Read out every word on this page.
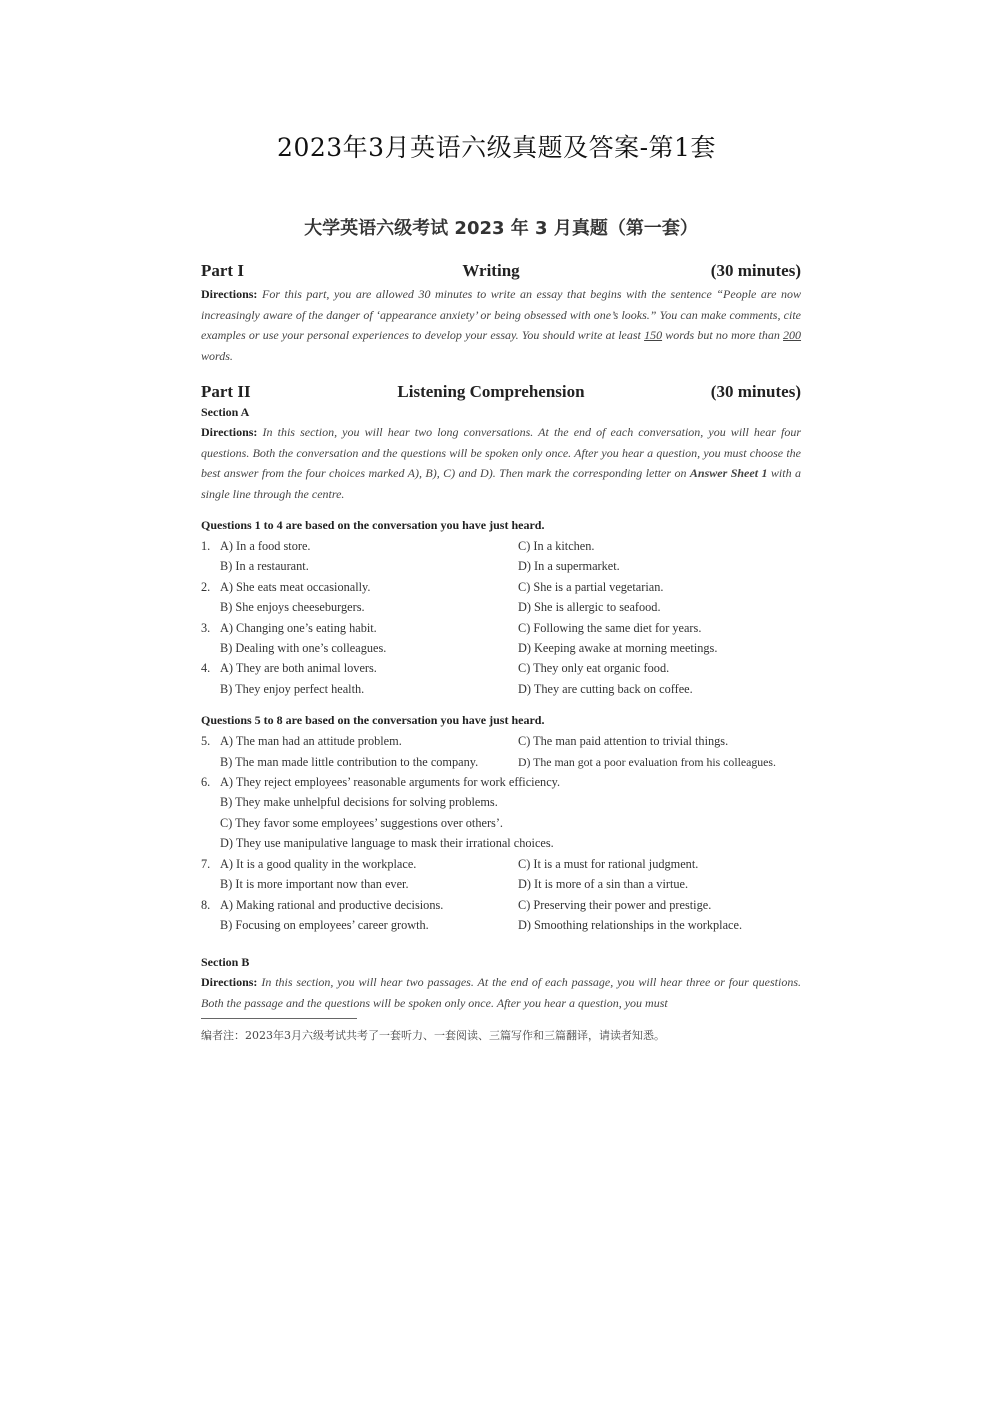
2023年3月英语六级真题及答案-第1套
大学英语六级考试 2023 年 3 月真题（第一套）
Part I	Writing	(30 minutes)

Directions: For this part, you are allowed 30 minutes to write an essay that begins with the sentence “People are now increasingly aware of the danger of ‘appearance anxiety’ or being obsessed with one’s looks.” You can make comments, cite examples or use your personal experiences to develop your essay. You should write at least 150 words but no more than 200 words.

Part II	Listening Comprehension	(30 minutes)
Section A

Directions: In this section, you will hear two long conversations. At the end of each conversation, you will hear four questions. Both the conversation and the questions will be spoken only once. After you hear a question, you must choose the best answer from the four choices marked A), B), C) and D). Then mark the corresponding letter on Answer Sheet 1 with a single line through the centre.

Questions 1 to 4 are based on the conversation you have just heard.
1. A) In a food store.	C) In a kitchen.
B) In a restaurant.	D) In a supermarket.
2. A) She eats meat occasionally.	C) She is a partial vegetarian.
B) She enjoys cheeseburgers.	D) She is allergic to seafood.
3. A) Changing one’s eating habit.	C) Following the same diet for years.
B) Dealing with one’s colleagues.	D) Keeping awake at morning meetings.
4. A) They are both animal lovers.	C) They only eat organic food.
B) They enjoy perfect health.	D) They are cutting back on coffee.
Questions 5 to 8 are based on the conversation you have just heard.
5. A) The man had an attitude problem.	C) The man paid attention to trivial things.
B) The man made little contribution to the company.	D) The man got a poor evaluation from his colleagues.
6. A) They reject employees’ reasonable arguments for work efficiency.
B) They make unhelpful decisions for solving problems.
C) They favor some employees’ suggestions over others’.
D) They use manipulative language to mask their irrational choices.
7. A) It is a good quality in the workplace.	C) It is a must for rational judgment.
B) It is more important now than ever.	D) It is more of a sin than a virtue.
8. A) Making rational and productive decisions.	C) Preserving their power and prestige.
B) Focusing on employees’ career growth.	D) Smoothing relationships in the workplace.
Section B

Directions: In this section, you will hear two passages. At the end of each passage, you will hear three or four questions. Both the passage and the questions will be spoken only once. After you hear a question, you must

编者注：2023年3月六级考试共考了一套听力、一套阅读、三篇写作和三篇翻译，请读者知悉。
